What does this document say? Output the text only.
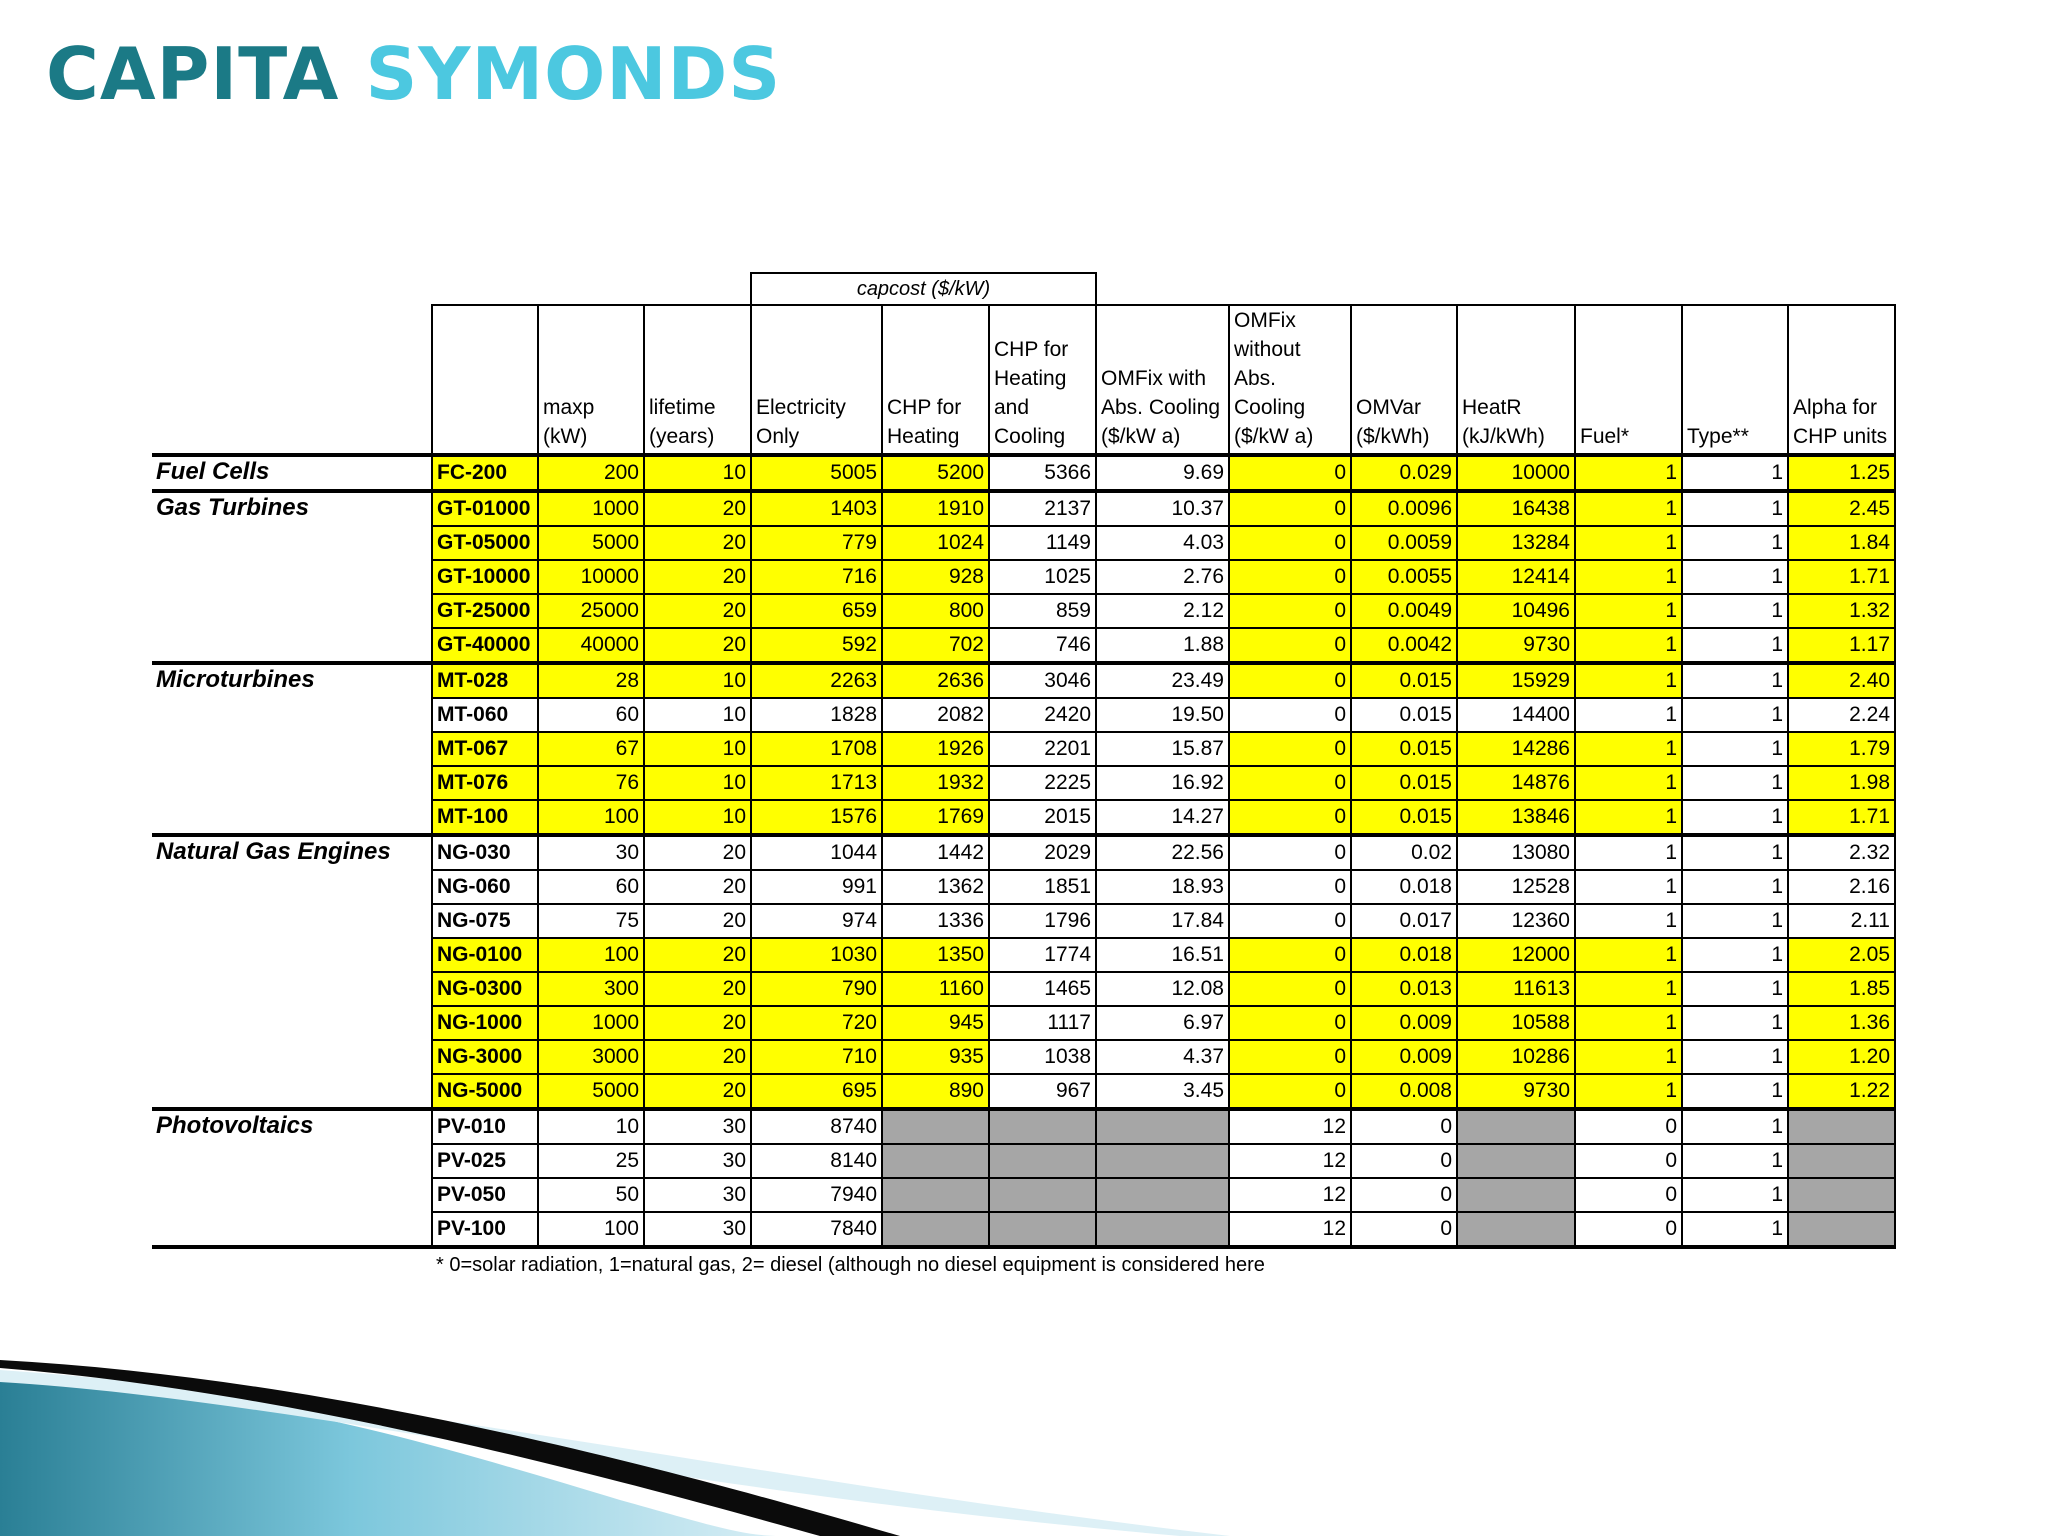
CAPITA SYMONDS
				capcost ($/kW)									
		maxp (kW)	lifetime (years)	Electricity Only	CHP for Heating	CHP for Heating and Cooling	OMFix with Abs. Cooling ($/kW a)	OMFix without Abs. Cooling ($/kW a)	OMVar ($/kWh)	HeatR (kJ/kWh)	Fuel*	Type**	Alpha for CHP units
Fuel Cells	FC-200	200	10	5005	5200	5366	9.69	0	0.029	10000	1	1	1.25
Gas Turbines	GT-01000	1000	20	1403	1910	2137	10.37	0	0.0096	16438	1	1	2.45
	GT-05000	5000	20	779	1024	1149	4.03	0	0.0059	13284	1	1	1.84
	GT-10000	10000	20	716	928	1025	2.76	0	0.0055	12414	1	1	1.71
	GT-25000	25000	20	659	800	859	2.12	0	0.0049	10496	1	1	1.32
	GT-40000	40000	20	592	702	746	1.88	0	0.0042	9730	1	1	1.17
Microturbines	MT-028	28	10	2263	2636	3046	23.49	0	0.015	15929	1	1	2.40
	MT-060	60	10	1828	2082	2420	19.50	0	0.015	14400	1	1	2.24
	MT-067	67	10	1708	1926	2201	15.87	0	0.015	14286	1	1	1.79
	MT-076	76	10	1713	1932	2225	16.92	0	0.015	14876	1	1	1.98
	MT-100	100	10	1576	1769	2015	14.27	0	0.015	13846	1	1	1.71
Natural Gas Engines	NG-030	30	20	1044	1442	2029	22.56	0	0.02	13080	1	1	2.32
	NG-060	60	20	991	1362	1851	18.93	0	0.018	12528	1	1	2.16
	NG-075	75	20	974	1336	1796	17.84	0	0.017	12360	1	1	2.11
	NG-0100	100	20	1030	1350	1774	16.51	0	0.018	12000	1	1	2.05
	NG-0300	300	20	790	1160	1465	12.08	0	0.013	11613	1	1	1.85
	NG-1000	1000	20	720	945	1117	6.97	0	0.009	10588	1	1	1.36
	NG-3000	3000	20	710	935	1038	4.37	0	0.009	10286	1	1	1.20
	NG-5000	5000	20	695	890	967	3.45	0	0.008	9730	1	1	1.22
Photovoltaics	PV-010	10	30	8740				12	0		0	1	
	PV-025	25	30	8140				12	0		0	1	
	PV-050	50	30	7940				12	0		0	1	
	PV-100	100	30	7840				12	0		0	1	
	* 0=solar radiation, 1=natural gas, 2= diesel (although no diesel equipment is considered here												
